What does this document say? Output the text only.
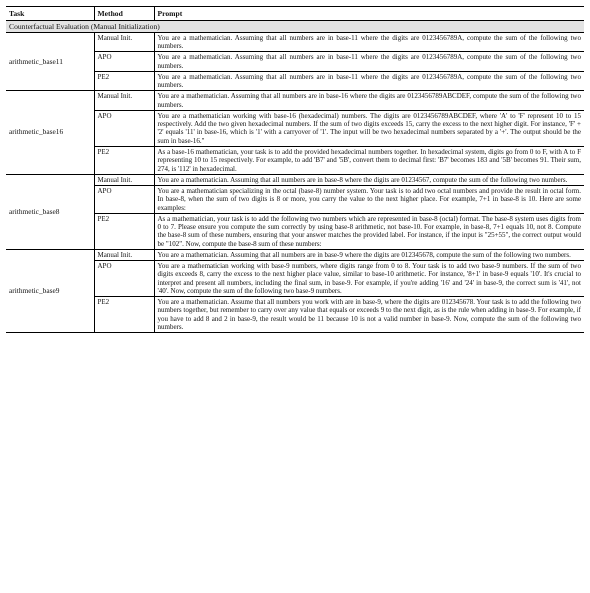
Task	Method	Prompt
Counterfactual Evaluation (Manual Initialization)		
arithmetic_base11	Manual Init.	You are a mathematician. Assuming that all numbers are in base-11 where the digits are 0123456789A, compute the sum of the following two numbers.
	APO	You are a mathematician. Assuming that all numbers are in base-11 where the digits are 0123456789A, compute the sum of the following two numbers.
	PE2	You are a mathematician. Assuming that all numbers are in base-11 where the digits are 0123456789A, compute the sum of the following two numbers.
arithmetic_base16	Manual Init.	You are a mathematician. Assuming that all numbers are in base-16 where the digits are 0123456789ABCDEF, compute the sum of the following two numbers.
	APO	You are a mathematician working with base-16 (hexadecimal) numbers. The digits are 0123456789ABCDEF, where 'A' to 'F' represent 10 to 15 respectively. Add the two given hexadecimal numbers. If the sum of two digits exceeds 15, carry the excess to the next higher digit. For instance, 'F' + '2' equals '11' in base-16, which is '1' with a carryover of '1'. The input will be two hexadecimal numbers separated by a '+'. The output should be the sum in base-16."
	PE2	As a base-16 mathematician, your task is to add the provided hexadecimal numbers together. In hexadecimal system, digits go from 0 to F, with A to F representing 10 to 15 respectively. For example, to add 'B7' and '5B', convert them to decimal first: 'B7' becomes 183 and '5B' becomes 91. Their sum, 274, is '112' in hexadecimal.
arithmetic_base8	Manual Init.	You are a mathematician. Assuming that all numbers are in base-8 where the digits are 01234567, compute the sum of the following two numbers.
	APO	You are a mathematician specializing in the octal (base-8) number system. Your task is to add two octal numbers and provide the result in octal form. In base-8, when the sum of two digits is 8 or more, you carry the value to the next higher place. For example, 7+1 in base-8 is 10. Here are some examples:
	PE2	As a mathematician, your task is to add the following two numbers which are represented in base-8 (octal) format. The base-8 system uses digits from 0 to 7. Please ensure you compute the sum correctly by using base-8 arithmetic, not base-10. For example, in base-8, 7+1 equals 10, not 8. Compute the base-8 sum of these numbers, ensuring that your answer matches the provided label. For instance, if the input is "25+55", the correct output would be "102". Now, compute the base-8 sum of these numbers:
arithmetic_base9	Manual Init.	You are a mathematician. Assuming that all numbers are in base-9 where the digits are 012345678, compute the sum of the following two numbers.
	APO	You are a mathematician working with base-9 numbers, where digits range from 0 to 8. Your task is to add two base-9 numbers. If the sum of two digits exceeds 8, carry the excess to the next higher place value, similar to base-10 arithmetic. For instance, '8+1' in base-9 equals '10'. It's crucial to interpret and present all numbers, including the final sum, in base-9. For example, if you're adding '16' and '24' in base-9, the correct sum is '41', not '40'. Now, compute the sum of the following two base-9 numbers.
	PE2	You are a mathematician. Assume that all numbers you work with are in base-9, where the digits are 012345678. Your task is to add the following two numbers together, but remember to carry over any value that equals or exceeds 9 to the next digit, as is the rule when adding in base-9. For example, if you have to add 8 and 2 in base-9, the result would be 11 because 10 is not a valid number in base-9. Now, compute the sum of the following two numbers.
